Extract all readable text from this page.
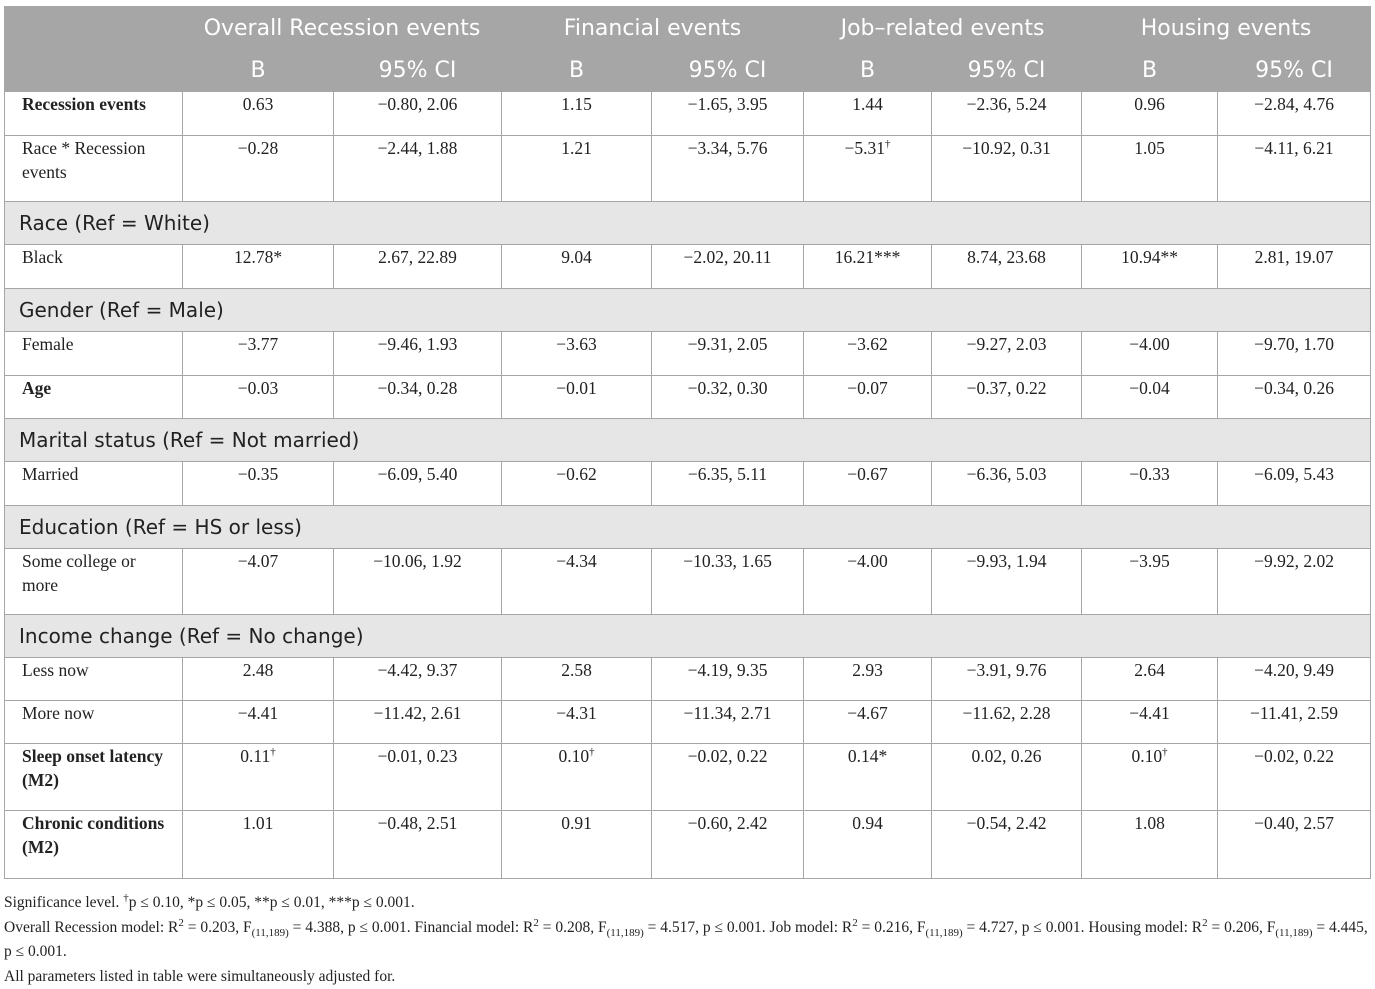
	Overall Recession events		Financial events		Job–related events		Housing events	
	B	95% CI	B	95% CI	B	95% CI	B	95% CI
Recession events	0.63	−0.80, 2.06	1.15	−1.65, 3.95	1.44	−2.36, 5.24	0.96	−2.84, 4.76
Race * Recession events	−0.28	−2.44, 1.88	1.21	−3.34, 5.76	−5.31†	−10.92, 0.31	1.05	−4.11, 6.21
Race (Ref = White)								
Black	12.78*	2.67, 22.89	9.04	−2.02, 20.11	16.21***	8.74, 23.68	10.94**	2.81, 19.07
Gender (Ref = Male)								
Female	−3.77	−9.46, 1.93	−3.63	−9.31, 2.05	−3.62	−9.27, 2.03	−4.00	−9.70, 1.70
Age	−0.03	−0.34, 0.28	−0.01	−0.32, 0.30	−0.07	−0.37, 0.22	−0.04	−0.34, 0.26
Marital status (Ref = Not married)								
Married	−0.35	−6.09, 5.40	−0.62	−6.35, 5.11	−0.67	−6.36, 5.03	−0.33	−6.09, 5.43
Education (Ref = HS or less)								
Some college or more	−4.07	−10.06, 1.92	−4.34	−10.33, 1.65	−4.00	−9.93, 1.94	−3.95	−9.92, 2.02
Income change (Ref = No change)								
Less now	2.48	−4.42, 9.37	2.58	−4.19, 9.35	2.93	−3.91, 9.76	2.64	−4.20, 9.49
More now	−4.41	−11.42, 2.61	−4.31	−11.34, 2.71	−4.67	−11.62, 2.28	−4.41	−11.41, 2.59
Sleep onset latency (M2)	0.11†	−0.01, 0.23	0.10†	−0.02, 0.22	0.14*	0.02, 0.26	0.10†	−0.02, 0.22
Chronic conditions (M2)	1.01	−0.48, 2.51	0.91	−0.60, 2.42	0.94	−0.54, 2.42	1.08	−0.40, 2.57
Significance level. †p ≤ 0.10, *p ≤ 0.05, **p ≤ 0.01, ***p ≤ 0.001.
Overall Recession model: $R^2 = 0.203$, $F_{(11,189)} = 4.388$, p ≤ 0.001. Financial model: $R^2 = 0.208$, $F_{(11,189)} = 4.517$, p ≤ 0.001. Job model: $R^2 = 0.216$, $F_{(11,189)} = 4.727$, p ≤ 0.001. Housing model: $R^2 = 0.206$, $F_{(11,189)} = 4.445$, p ≤ 0.001.
All parameters listed in table were simultaneously adjusted for.
